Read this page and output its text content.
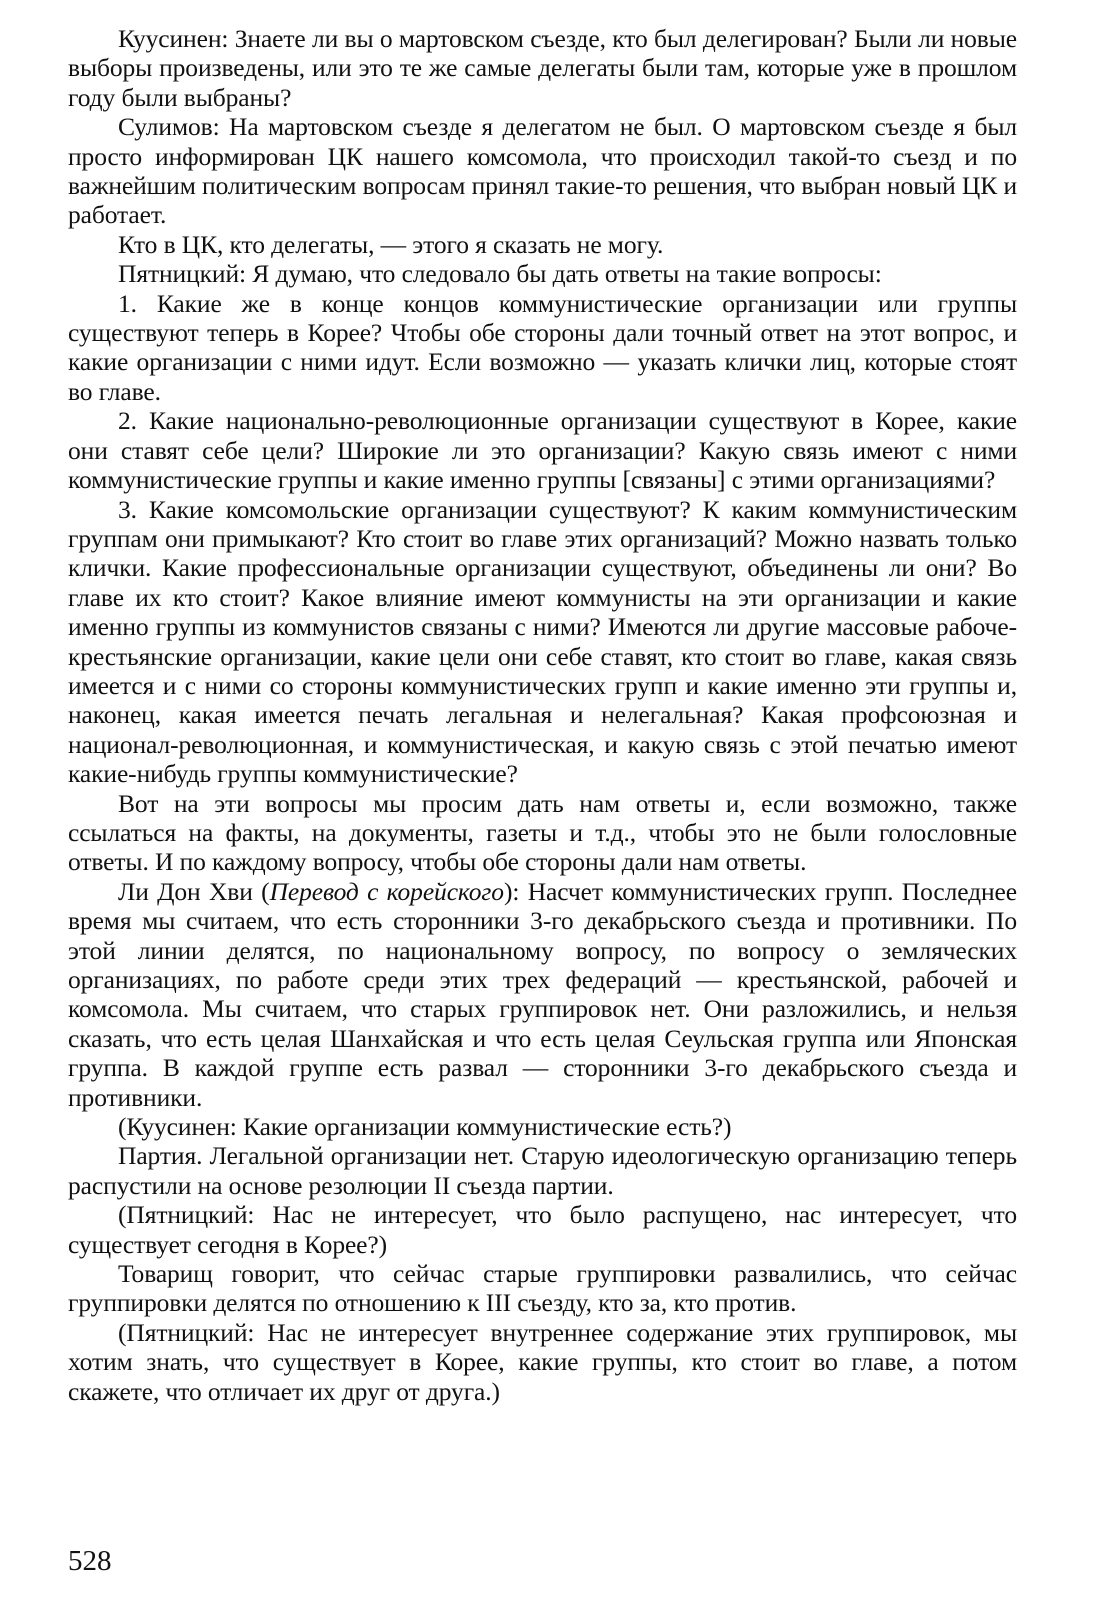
Куусинен: Знаете ли вы о мартовском съезде, кто был делегирован? Были ли новые выборы произведены, или это те же самые делегаты были там, которые уже в прошлом году были выбраны?

Сулимов: На мартовском съезде я делегатом не был. О мартовском съезде я был просто информирован ЦК нашего комсомола, что происходил такой-то съезд и по важнейшим политическим вопросам принял такие-то решения, что выбран новый ЦК и работает.

Кто в ЦК, кто делегаты, — этого я сказать не могу.

Пятницкий: Я думаю, что следовало бы дать ответы на такие вопросы:

1. Какие же в конце концов коммунистические организации или группы существуют теперь в Корее? Чтобы обе стороны дали точный ответ на этот вопрос, и какие организации с ними идут. Если возможно — указать клички лиц, которые стоят во главе.

2. Какие национально-революционные организации существуют в Корее, какие они ставят себе цели? Широкие ли это организации? Какую связь имеют с ними коммунистические группы и какие именно группы [связаны] с этими организациями?

3. Какие комсомольские организации существуют? К каким коммунистическим группам они примыкают? Кто стоит во главе этих организаций? Можно назвать только клички. Какие профессиональные организации существуют, объединены ли они? Во главе их кто стоит? Какое влияние имеют коммунисты на эти организации и какие именно группы из коммунистов связаны с ними? Имеются ли другие массовые рабоче-крестьянские организации, какие цели они себе ставят, кто стоит во главе, какая связь имеется и с ними со стороны коммунистических групп и какие именно эти группы и, наконец, какая имеется печать легальная и нелегальная? Какая профсоюзная и национал-революционная, и коммунистическая, и какую связь с этой печатью имеют какие-нибудь группы коммунистические?

Вот на эти вопросы мы просим дать нам ответы и, если возможно, также ссылаться на факты, на документы, газеты и т.д., чтобы это не были голословные ответы. И по каждому вопросу, чтобы обе стороны дали нам ответы.

Ли Дон Хви (Перевод с корейского): Насчет коммунистических групп. Последнее время мы считаем, что есть сторонники 3-го декабрьского съезда и противники. По этой линии делятся, по национальному вопросу, по вопросу о земляческих организациях, по работе среди этих трех федераций — крестьянской, рабочей и комсомола. Мы считаем, что старых группировок нет. Они разложились, и нельзя сказать, что есть целая Шанхайская и что есть целая Сеульская группа или Японская группа. В каждой группе есть развал — сторонники 3-го декабрьского съезда и противники.

(Куусинен: Какие организации коммунистические есть?)

Партия. Легальной организации нет. Старую идеологическую организацию теперь распустили на основе резолюции II съезда партии.

(Пятницкий: Нас не интересует, что было распущено, нас интересует, что существует сегодня в Корее?)

Товарищ говорит, что сейчас старые группировки развалились, что сейчас группировки делятся по отношению к III съезду, кто за, кто против.

(Пятницкий: Нас не интересует внутреннее содержание этих группировок, мы хотим знать, что существует в Корее, какие группы, кто стоит во главе, а потом скажете, что отличает их друг от друга.)

528
